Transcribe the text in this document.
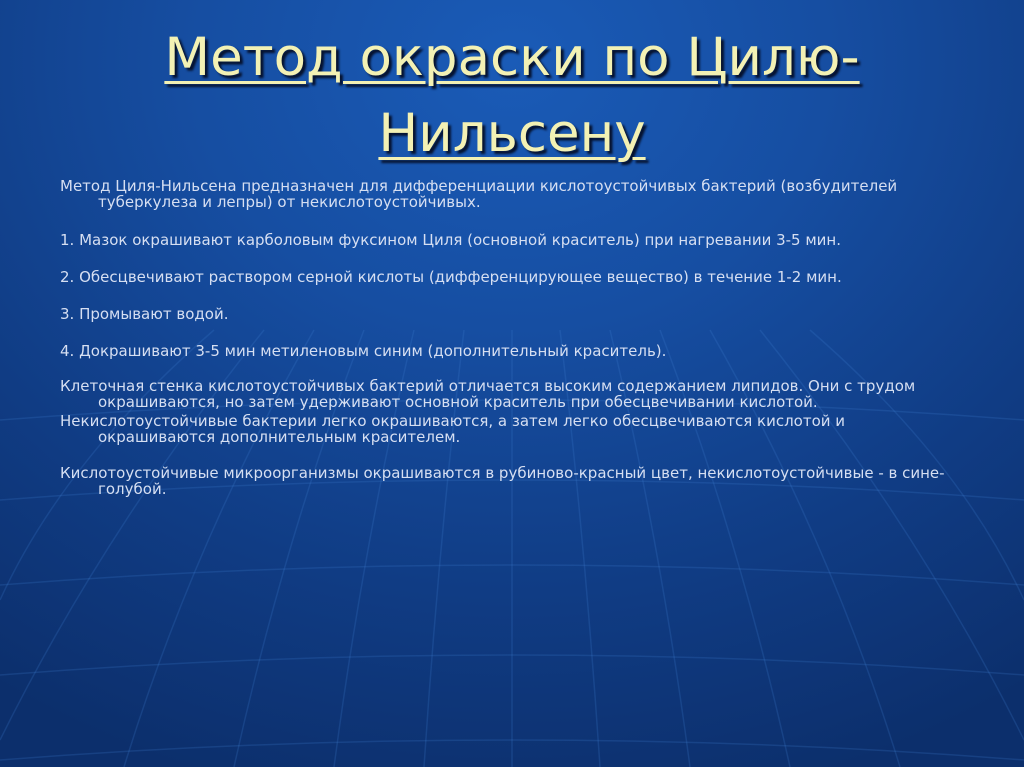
Метод окраски по Цилю-Нильсену

Метод Циля-Нильсена предназначен для дифференциации кислотоустойчивых бактерий (возбудителей туберкулеза и лепры) от некислотоустойчивых.

1. Мазок окрашивают карболовым фуксином Циля (основной краситель) при нагревании 3-5 мин.

2. Обесцвечивают раствором серной кислоты (дифференцирующее вещество) в течение 1-2 мин.

3. Промывают водой.

4. Докрашивают 3-5 мин метиленовым синим (дополнительный краситель).

Клеточная стенка кислотоустойчивых бактерий отличается высоким содержанием липидов. Они с трудом окрашиваются, но затем удерживают основной краситель при обесцвечивании кислотой.

Некислотоустойчивые бактерии легко окрашиваются, а затем легко обесцвечиваются кислотой и окрашиваются дополнительным красителем.

Кислотоустойчивые микроорганизмы окрашиваются в рубиново-красный цвет, некислотоустойчивые - в сине-голубой.
